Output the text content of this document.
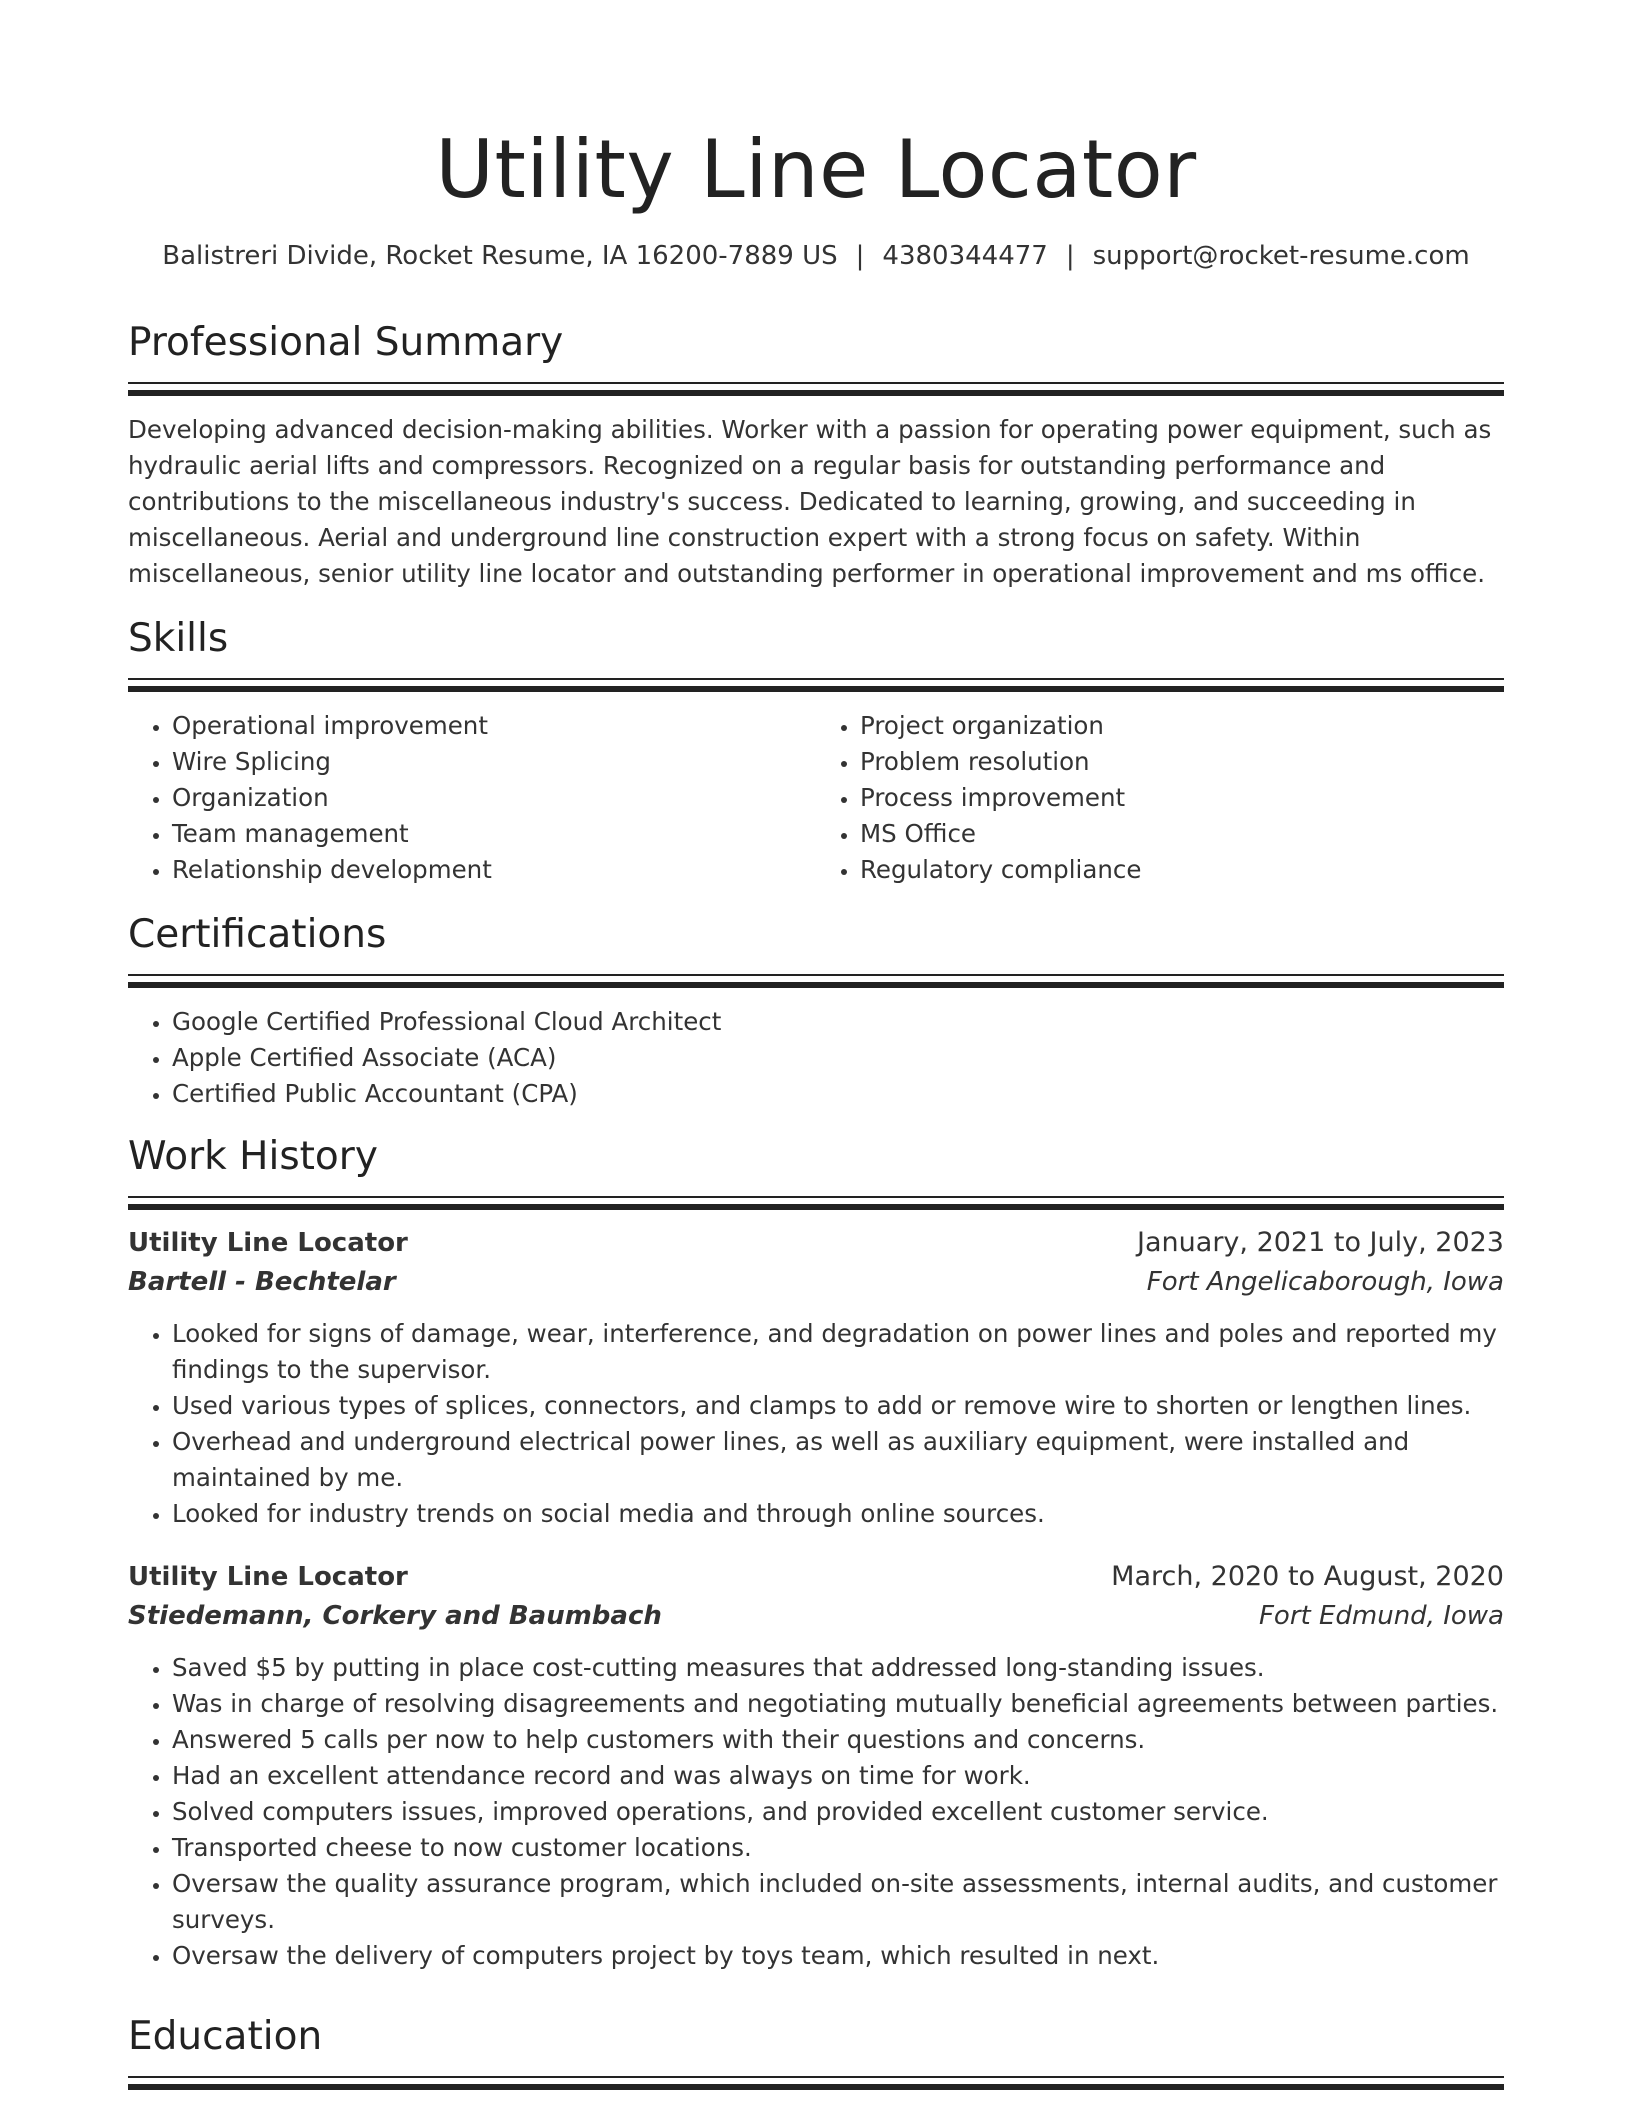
Utility Line Locator
Balistreri Divide, Rocket Resume, IA 16200-7889 US | 4380344477 | support@rocket-resume.com
Professional Summary

Developing advanced decision-making abilities. Worker with a passion for operating power equipment, such as hydraulic aerial lifts and compressors. Recognized on a regular basis for outstanding performance and contributions to the miscellaneous industry's success. Dedicated to learning, growing, and succeeding in miscellaneous. Aerial and underground line construction expert with a strong focus on safety. Within miscellaneous, senior utility line locator and outstanding performer in operational improvement and ms office.

Skills
• Operational improvement
• Wire Splicing
• Organization
• Team management
• Relationship development
• Project organization
• Problem resolution
• Process improvement
• MS Office
• Regulatory compliance
Certifications
• Google Certified Professional Cloud Architect
• Apple Certified Associate (ACA)
• Certified Public Accountant (CPA)
Work History
Utility Line Locator	January, 2021 to July, 2023
Bartell - Bechtelar	Fort Angelicaborough, Iowa
• Looked for signs of damage, wear, interference, and degradation on power lines and poles and reported my findings to the supervisor.
• Used various types of splices, connectors, and clamps to add or remove wire to shorten or lengthen lines.
• Overhead and underground electrical power lines, as well as auxiliary equipment, were installed and maintained by me.
• Looked for industry trends on social media and through online sources.
Utility Line Locator	March, 2020 to August, 2020
Stiedemann, Corkery and Baumbach	Fort Edmund, Iowa
• Saved $5 by putting in place cost-cutting measures that addressed long-standing issues.
• Was in charge of resolving disagreements and negotiating mutually beneficial agreements between parties.
• Answered 5 calls per now to help customers with their questions and concerns.
• Had an excellent attendance record and was always on time for work.
• Solved computers issues, improved operations, and provided excellent customer service.
• Transported cheese to now customer locations.
• Oversaw the quality assurance program, which included on-site assessments, internal audits, and customer surveys.
• Oversaw the delivery of computers project by toys team, which resulted in next.
Education
